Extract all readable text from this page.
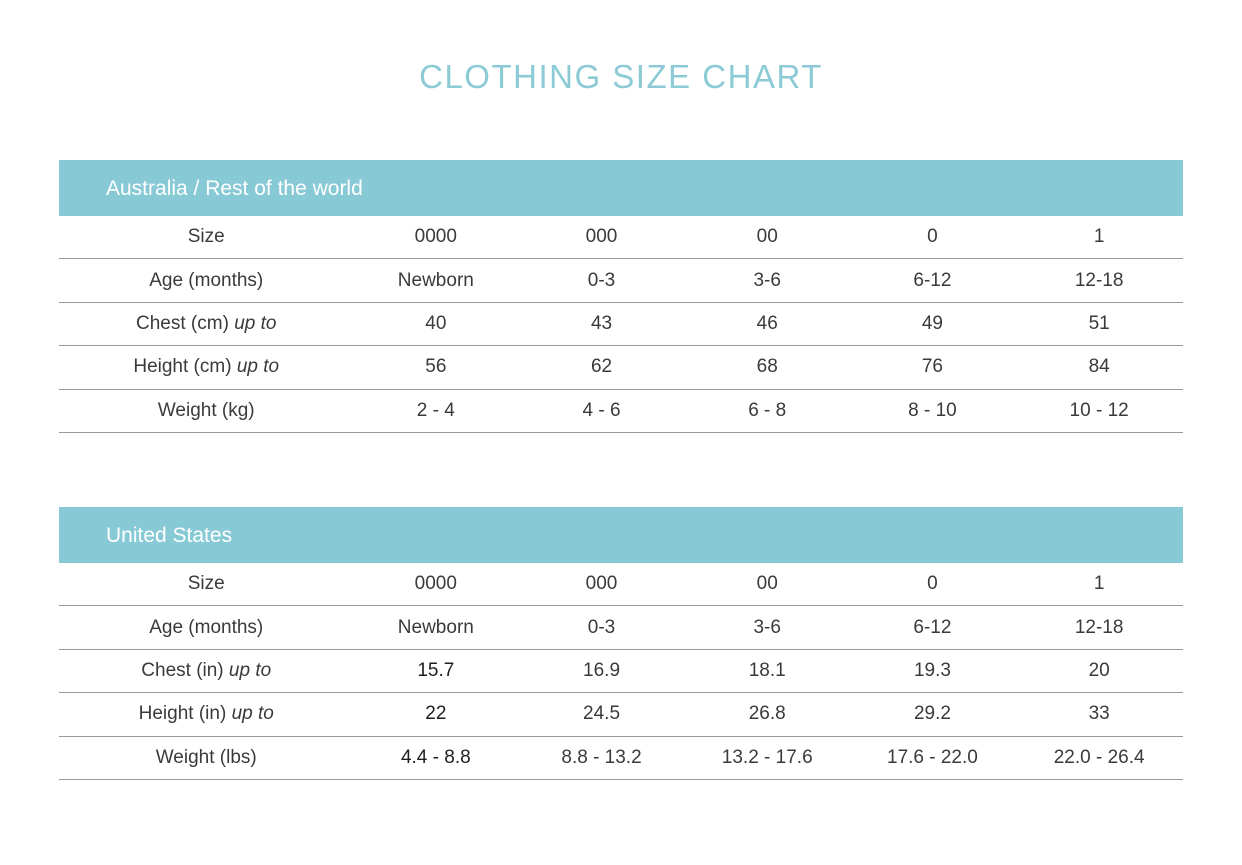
CLOTHING SIZE CHART
Australia / Rest of the world
Size	0000	000	00	0	1
Age (months)	Newborn	0-3	3-6	6-12	12-18
Chest (cm) up to	40	43	46	49	51
Height (cm) up to	56	62	68	76	84
Weight (kg)	2 - 4	4 - 6	6 - 8	8 - 10	10 - 12
United States
Size	0000	000	00	0	1
Age (months)	Newborn	0-3	3-6	6-12	12-18
Chest (in) up to	15.7	16.9	18.1	19.3	20
Height (in) up to	22	24.5	26.8	29.2	33
Weight (lbs)	4.4 - 8.8	8.8 - 13.2	13.2 - 17.6	17.6 - 22.0	22.0 - 26.4
